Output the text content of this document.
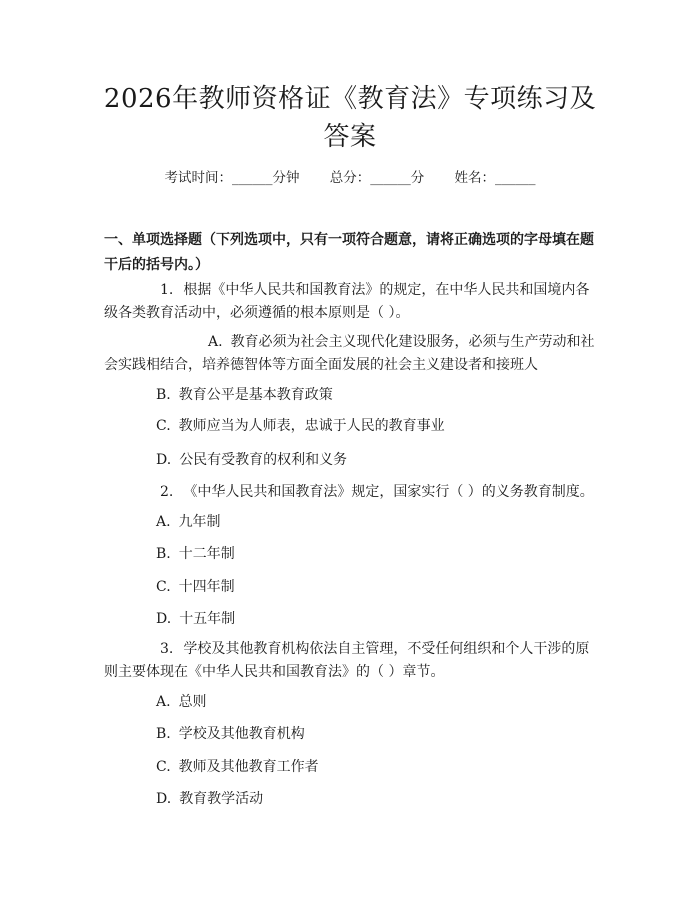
2026年教师资格证《教育法》专项练习及答案
考试时间：______分钟 总分：______分 姓名：______

一、单项选择题（下列选项中，只有一项符合题意，请将正确选项的字母填在题干后的括号内。）

1. 根据《中华人民共和国教育法》的规定，在中华人民共和国境内各级各类教育活动中，必须遵循的根本原则是（ ）。

A. 教育必须为社会主义现代化建设服务，必须与生产劳动和社会实践相结合，培养德智体等方面全面发展的社会主义建设者和接班人

B. 教育公平是基本教育政策

C. 教师应当为人师表，忠诚于人民的教育事业

D. 公民有受教育的权利和义务

2. 《中华人民共和国教育法》规定，国家实行（ ）的义务教育制度。

A. 九年制

B. 十二年制

C. 十四年制

D. 十五年制

3. 学校及其他教育机构依法自主管理，不受任何组织和个人干涉的原则主要体现在《中华人民共和国教育法》的（ ）章节。

A. 总则

B. 学校及其他教育机构

C. 教师及其他教育工作者

D. 教育教学活动
